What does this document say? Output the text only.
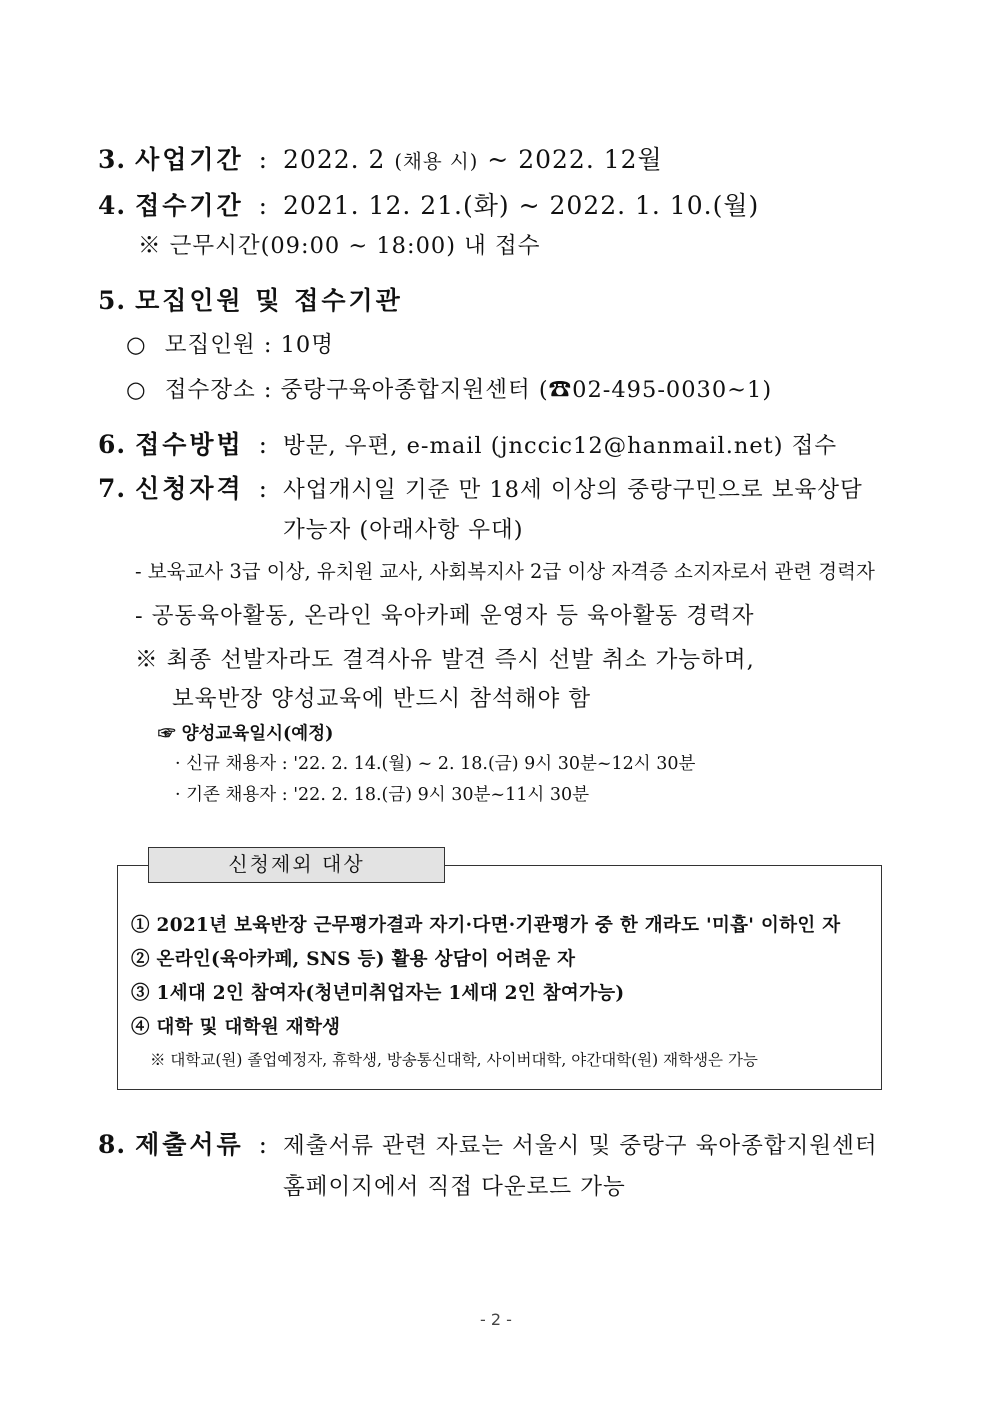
3. 사업기간 : 2022. 2 (채용 시) ~ 2022. 12월
4. 접수기간 : 2021. 12. 21.(화) ~ 2022. 1. 10.(월)
※ 근무시간(09:00 ~ 18:00) 내 접수
5. 모집인원 및 접수기관
○ 모집인원 : 10명
○ 접수장소 : 중랑구육아종합지원센터 (☎02-495-0030~1)
6. 접수방법 : 방문, 우편, e-mail (jnccic12@hanmail.net) 접수
7. 신청자격 : 사업개시일 기준 만 18세 이상의 중랑구민으로 보육상담
가능자 (아래사항 우대)
- 보육교사 3급 이상, 유치원 교사, 사회복지사 2급 이상 자격증 소지자로서 관련 경력자
- 공동육아활동, 온라인 육아카페 운영자 등 육아활동 경력자
※ 최종 선발자라도 결격사유 발견 즉시 선발 취소 가능하며,
보육반장 양성교육에 반드시 참석해야 함
☞ 양성교육일시(예정)
· 신규 채용자 : '22. 2. 14.(월) ~ 2. 18.(금) 9시 30분~12시 30분
· 기존 채용자 : '22. 2. 18.(금) 9시 30분~11시 30분
신청제외 대상
① 2021년 보육반장 근무평가결과 자기·다면·기관평가 중 한 개라도 '미흡' 이하인 자
② 온라인(육아카페, SNS 등) 활용 상담이 어려운 자
③ 1세대 2인 참여자(청년미취업자는 1세대 2인 참여가능)
④ 대학 및 대학원 재학생
※ 대학교(원) 졸업예정자, 휴학생, 방송통신대학, 사이버대학, 야간대학(원) 재학생은 가능
8. 제출서류 : 제출서류 관련 자료는 서울시 및 중랑구 육아종합지원센터
홈페이지에서 직접 다운로드 가능
- 2 -
